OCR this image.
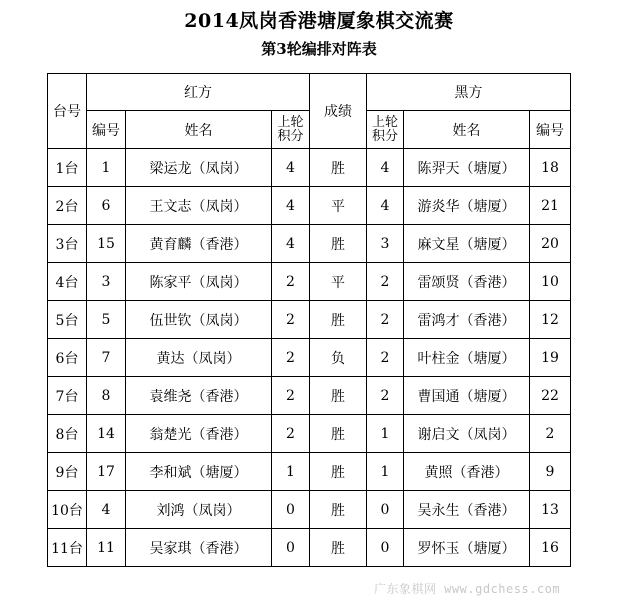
2014凤岗香港塘厦象棋交流赛
第3轮编排对阵表
台号	红方			成绩	黑方		
	编号	姓名	上轮积分		上轮积分	姓名	编号
1台	1	梁运龙（凤岗）	4	胜	4	陈羿天（塘厦）	18
2台	6	王文志（凤岗）	4	平	4	游炎华（塘厦）	21
3台	15	黄育麟（香港）	4	胜	3	麻文星（塘厦）	20
4台	3	陈家平（凤岗）	2	平	2	雷颂贤（香港）	10
5台	5	伍世钦（凤岗）	2	胜	2	雷鸿才（香港）	12
6台	7	黄达（凤岗）	2	负	2	叶柱金（塘厦）	19
7台	8	袁维尧（香港）	2	胜	2	曹国通（塘厦）	22
8台	14	翁楚光（香港）	2	胜	1	谢启文（凤岗）	2
9台	17	李和斌（塘厦）	1	胜	1	黄照（香港）	9
10台	4	刘鸿（凤岗）	0	胜	0	吴永生（香港）	13
11台	11	吴家琪（香港）	0	胜	0	罗怀玉（塘厦）	16
广东象棋网 www.gdchess.com
